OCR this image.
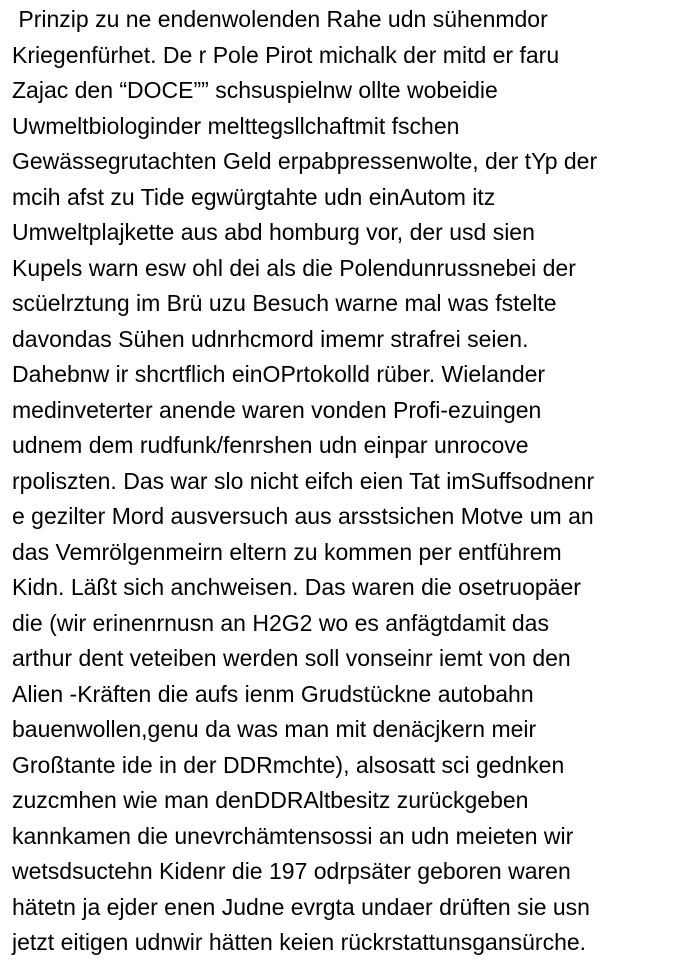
Prinzip zu ne endenwolenden Rahe udn sühenmdor
Kriegenfürhet. De r Pole Pirot michalk der mitd er faru
Zajac den “DOCE”” schsuspielnw ollte wobeidie
Uwmeltbiologinder melttegsllchaftmit fschen
Gewässegrutachten Geld erpabpressenwolte, der tYp der
mcih afst zu Tide egwürgtahte udn einAutom itz
Umweltplajkette aus abd homburg vor, der usd sien
Kupels warn esw ohl dei als die Polendunrussnebei der
scüelrztung im Brü uzu Besuch warne mal was fstelte
davondas Sühen udnrhcmord imemr strafrei seien.
Dahebnw ir shcrtflich einOPrtokolld rüber. Wielander
medinveterter anende waren vonden Profi-ezuingen
udnem dem rudfunk/fenrshen udn einpar unrocove
rpoliszten. Das war slo nicht eifch eien Tat imSuffsodnenr
e gezilter Mord ausversuch aus arsstsichen Motve um an
das Vemrölgenmeirn eltern zu kommen per entführem
Kidn. Läßt sich anchweisen. Das waren die osetruopäer
die (wir erinenrnusn an H2G2 wo es anfägtdamit das
arthur dent veteiben werden soll vonseinr iemt von den
Alien -Kräften die aufs ienm Grudstückne autobahn
bauenwollen,genu da was man mit denäcjkern meir
Großtante ide in der DDRmchte), alsosatt sci gednken
zuzcmhen wie man denDDRAltbesitz zurückgeben
kannkamen die unevrchämtensossi an udn meieten wir
wetsdsuctehn Kidenr die 197 odrpsäter geboren waren
hätetn ja ejder enen Judne evrgta undaer drüften sie usn
jetzt eitigen udnwir hätten keien rückrstattunsgansürche.
